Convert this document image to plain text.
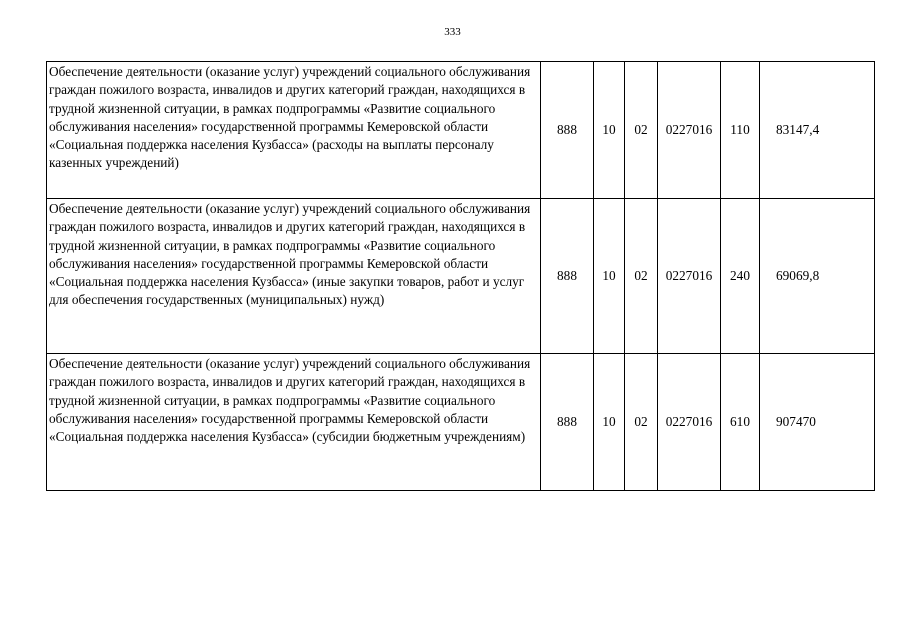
333
Обеспечение деятельности (оказание услуг) учреждений социального обслуживания граждан пожилого возраста, инвалидов и других категорий граждан, находящихся в трудной жизненной ситуации, в рамках подпрограммы «Развитие социального обслуживания населения» государственной программы Кемеровской области «Социальная поддержка населения Кузбасса» (расходы на выплаты персоналу казенных учреждений)	888	10	02	0227016	110	83147,4
Обеспечение деятельности (оказание услуг) учреждений социального обслуживания граждан пожилого возраста, инвалидов и других категорий граждан, находящихся в трудной жизненной ситуации, в рамках подпрограммы «Развитие социального обслуживания населения» государственной программы Кемеровской области «Социальная поддержка населения Кузбасса» (иные закупки товаров, работ и услуг для обеспечения государственных (муниципальных) нужд)	888	10	02	0227016	240	69069,8
Обеспечение деятельности (оказание услуг) учреждений социального обслуживания граждан пожилого возраста, инвалидов и других категорий граждан, находящихся в трудной жизненной ситуации, в рамках подпрограммы «Развитие социального обслуживания населения» государственной программы Кемеровской области «Социальная поддержка населения Кузбасса» (субсидии бюджетным учреждениям)	888	10	02	0227016	610	907470
